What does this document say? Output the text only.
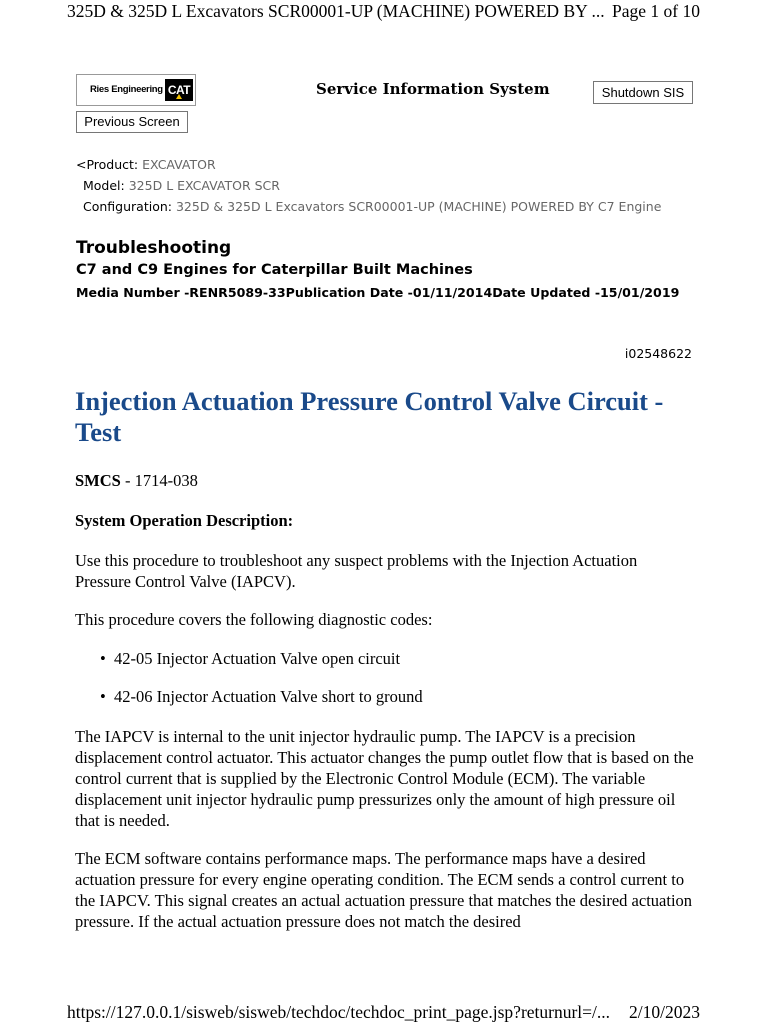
325D & 325D L Excavators SCR00001-UP (MACHINE) POWERED BY ... Page 1 of 10
Ries Engineering CAT	Service Information System	Shutdown SIS
Previous Screen
<Product: EXCAVATOR
Model: 325D L EXCAVATOR SCR
Configuration: 325D & 325D L Excavators SCR00001-UP (MACHINE) POWERED BY C7 Engine
Troubleshooting
C7 and C9 Engines for Caterpillar Built Machines
Media Number -RENR5089-33Publication Date -01/11/2014Date Updated -15/01/2019
i02548622
Injection Actuation Pressure Control Valve Circuit - Test
SMCS - 1714-038
System Operation Description:

Use this procedure to troubleshoot any suspect problems with the Injection Actuation Pressure Control Valve (IAPCV).

This procedure covers the following diagnostic codes:

•  42-05 Injector Actuation Valve open circuit
•  42-06 Injector Actuation Valve short to ground

The IAPCV is internal to the unit injector hydraulic pump. The IAPCV is a precision displacement control actuator. This actuator changes the pump outlet flow that is based on the control current that is supplied by the Electronic Control Module (ECM). The variable displacement unit injector hydraulic pump pressurizes only the amount of high pressure oil that is needed.

The ECM software contains performance maps. The performance maps have a desired actuation pressure for every engine operating condition. The ECM sends a control current to the IAPCV. This signal creates an actual actuation pressure that matches the desired actuation pressure. If the actual actuation pressure does not match the desired

https://127.0.0.1/sisweb/sisweb/techdoc/techdoc_print_page.jsp?returnurl=/... 2/10/2023
